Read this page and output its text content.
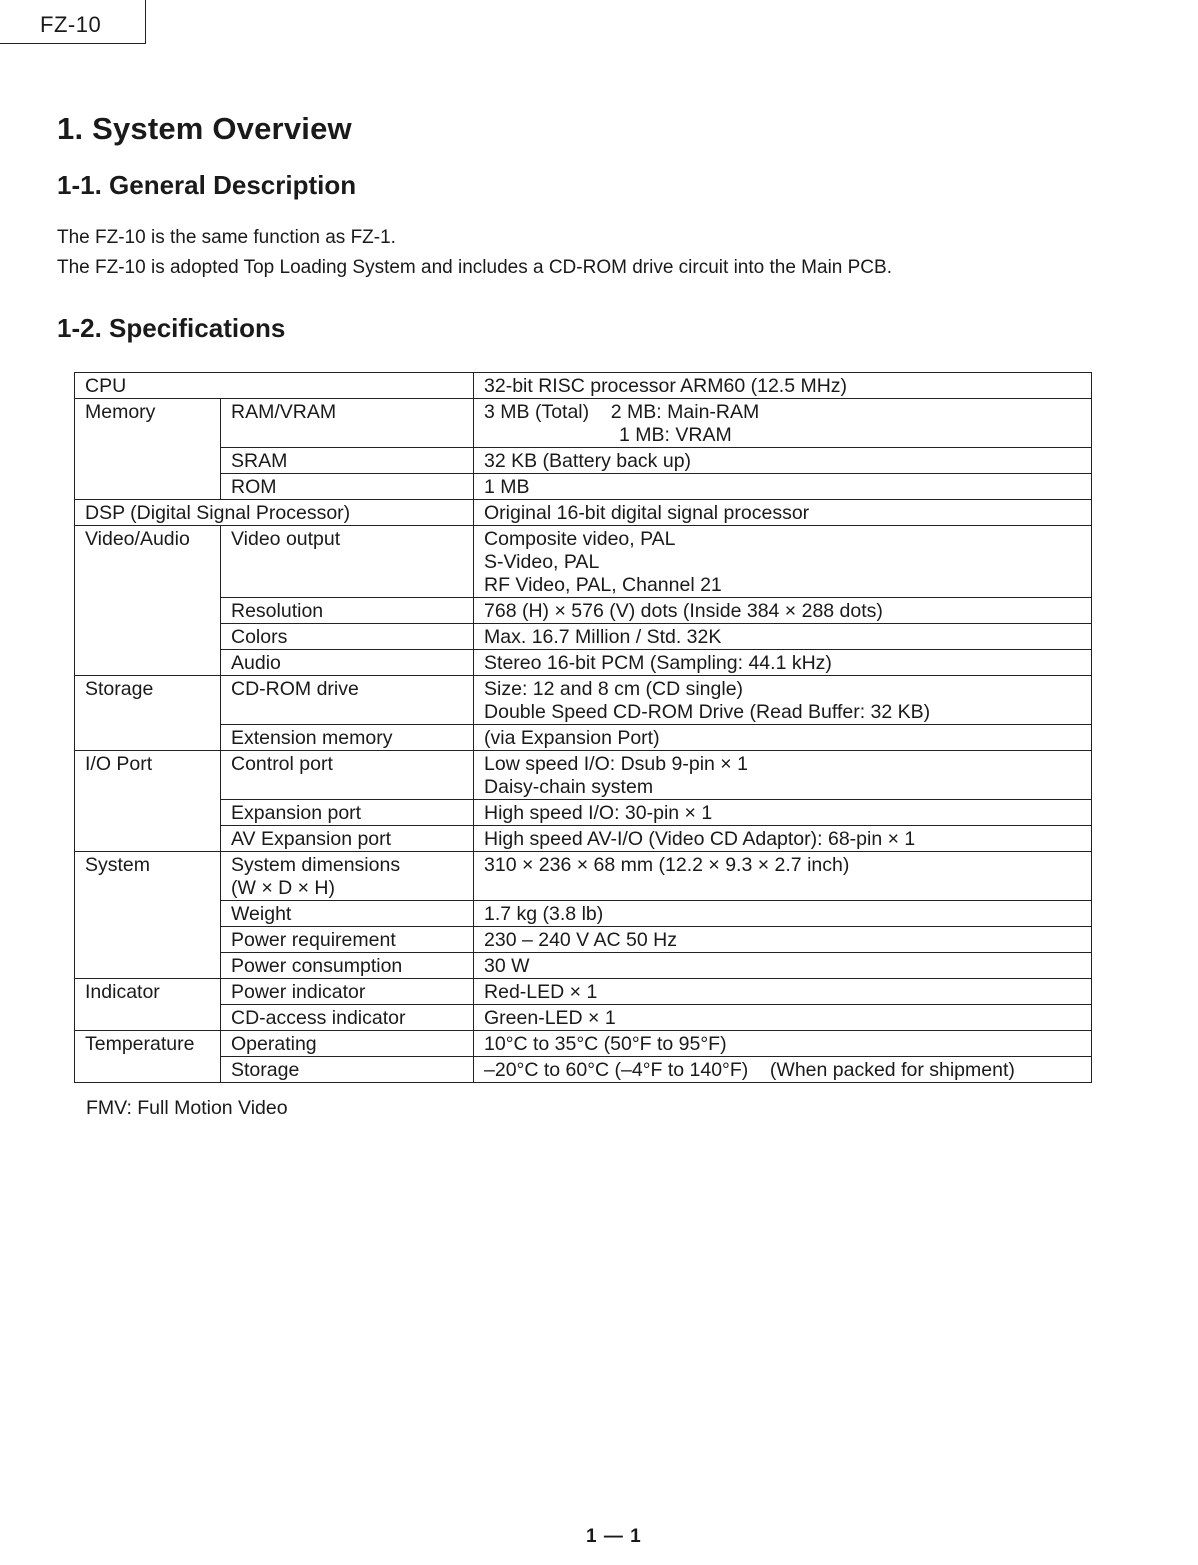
FZ-10
1. System Overview
1-1. General Description

The FZ-10 is the same function as FZ-1.

The FZ-10 is adopted Top Loading System and includes a CD-ROM drive circuit into the Main PCB.

1-2. Specifications
CPU		32-bit RISC processor ARM60 (12.5 MHz)
Memory	RAM/VRAM	3 MB (Total)    2 MB: Main-RAM
1 MB: VRAM

	SRAM	32 KB (Battery back up)
	ROM	1 MB
DSP (Digital Signal Processor)		Original 16-bit digital signal processor
Video/Audio	Video output	Composite video, PAL
S-Video, PAL
RF Video, PAL, Channel 21

	Resolution	768 (H) × 576 (V) dots (Inside 384 × 288 dots)
	Colors	Max. 16.7 Million / Std. 32K
	Audio	Stereo 16-bit PCM (Sampling: 44.1 kHz)
Storage	CD-ROM drive	Size: 12 and 8 cm (CD single)
Double Speed CD-ROM Drive (Read Buffer: 32 KB)

	Extension memory	(via Expansion Port)
I/O Port	Control port	Low speed I/O: Dsub 9-pin × 1
Daisy-chain system

	Expansion port	High speed I/O: 30-pin × 1
	AV Expansion port	High speed AV-I/O (Video CD Adaptor): 68-pin × 1
System	System dimensions
(W × D × H)	310 × 236 × 68 mm (12.2 × 9.3 × 2.7 inch)
	Weight	1.7 kg (3.8 lb)
	Power requirement	230 – 240 V AC 50 Hz
	Power consumption	30 W
Indicator	Power indicator	Red-LED × 1
	CD-access indicator	Green-LED × 1
Temperature	Operating	10°C to 35°C (50°F to 95°F)
	Storage	–20°C to 60°C (–4°F to 140°F)    (When packed for shipment)
FMV: Full Motion Video
1 — 1
